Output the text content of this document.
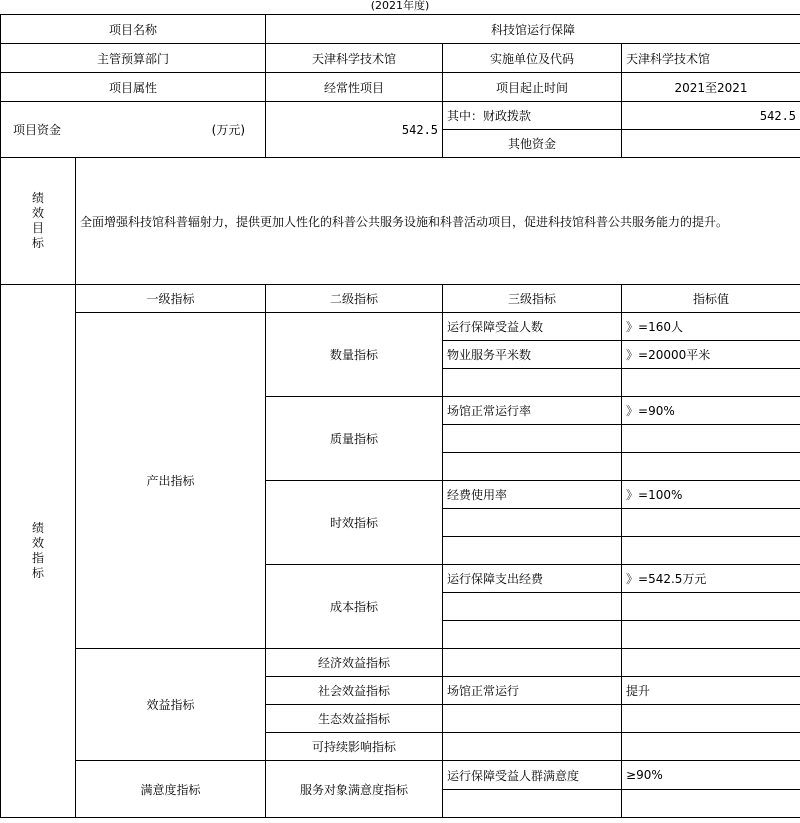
(2021年度)
项目名称		科技馆运行保障		
主管预算部门		天津科学技术馆	实施单位及代码	天津科学技术馆
项目属性		经常性项目	项目起止时间	2021至2021
项目资金 (万元)		542.5	其中：财政拨款	542.5
			其他资金	

绩
效
目
标	全面增强科技馆科普辐射力，提供更加人性化的科普公共服务设施和科普活动项目，促进科技馆科普公共服务能力的提升。			

绩
效
指
标	一级指标	二级指标	三级指标	指标值
	产出指标	数量指标	运行保障受益人数	》=160人
			物业服务平米数	》=20000平米

		质量指标	场馆正常运行率	》=90%

		时效指标	经费使用率	》=100%

		成本指标	运行保障支出经费	》=542.5万元

	效益指标	经济效益指标		
		社会效益指标	场馆正常运行	提升
		生态效益指标		
		可持续影响指标		
	满意度指标	服务对象满意度指标	运行保障受益人群满意度	≥90%
